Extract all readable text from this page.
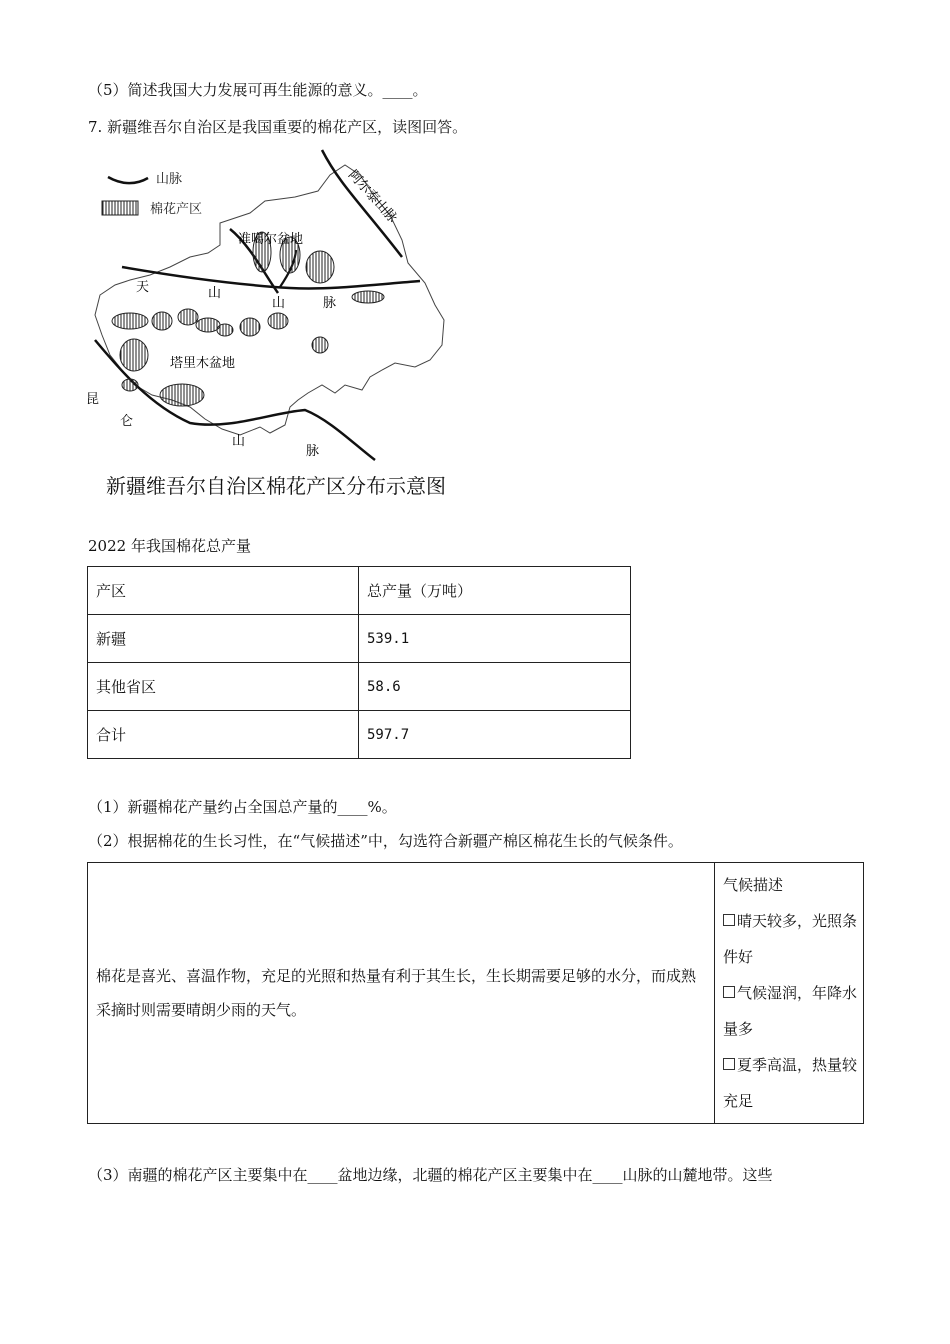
（5）简述我国大力发展可再生能源的意义。____。
7. 新疆维吾尔自治区是我国重要的棉花产区，读图回答。
山脉
棉花产区	阿尔泰山脉
准噶尔盆地
天	山
山	脉
塔里木盆地
昆
仑
山
脉
新疆维吾尔自治区棉花产区分布示意图
2022 年我国棉花总产量
产区	总产量（万吨）
新疆	539.1
其他省区	58.6
合计	597.7
（1）新疆棉花产量约占全国总产量的____%。
（2）根据棉花的生长习性，在“气候描述”中，勾选符合新疆产棉区棉花生长的气候条件。
棉花是喜光、喜温作物，充足的光照和热量有利于其生长，生长期需要足够的水分，而成熟采摘时则需要晴朗少雨的天气。	
气候描述
晴天较多，光照条件好
气候湿润，年降水量多
夏季高温，热量较充足
（3）南疆的棉花产区主要集中在____盆地边缘，北疆的棉花产区主要集中在____山脉的山麓地带。这些
